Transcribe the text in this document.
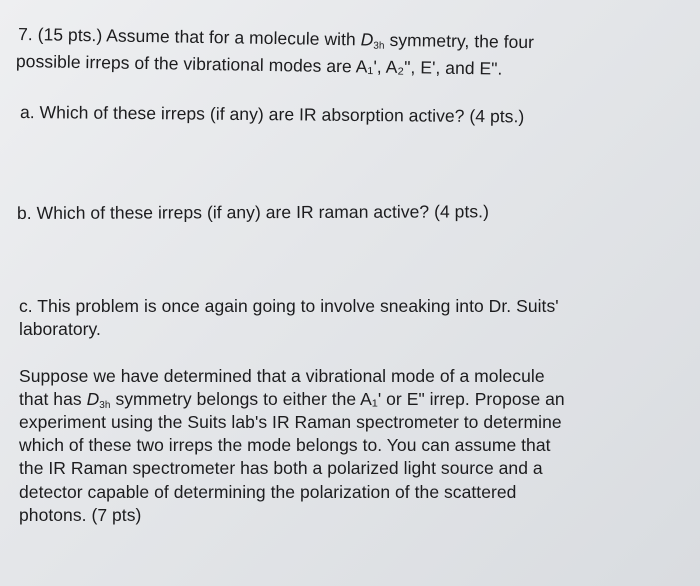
7. (15 pts.) Assume that for a molecule with $D_{3h}$ symmetry, the four
possible irreps of the vibrational modes are A₁', A₂", E', and E".
a. Which of these irreps (if any) are IR absorption active? (4 pts.)
b. Which of these irreps (if any) are IR raman active? (4 pts.)
c. This problem is once again going to involve sneaking into Dr. Suits'
laboratory.
Suppose we have determined that a vibrational mode of a molecule
that has $D_{3h}$ symmetry belongs to either the A₁' or E" irrep. Propose an
experiment using the Suits lab's IR Raman spectrometer to determine
which of these two irreps the mode belongs to. You can assume that
the IR Raman spectrometer has both a polarized light source and a
detector capable of determining the polarization of the scattered
photons. (7 pts)
